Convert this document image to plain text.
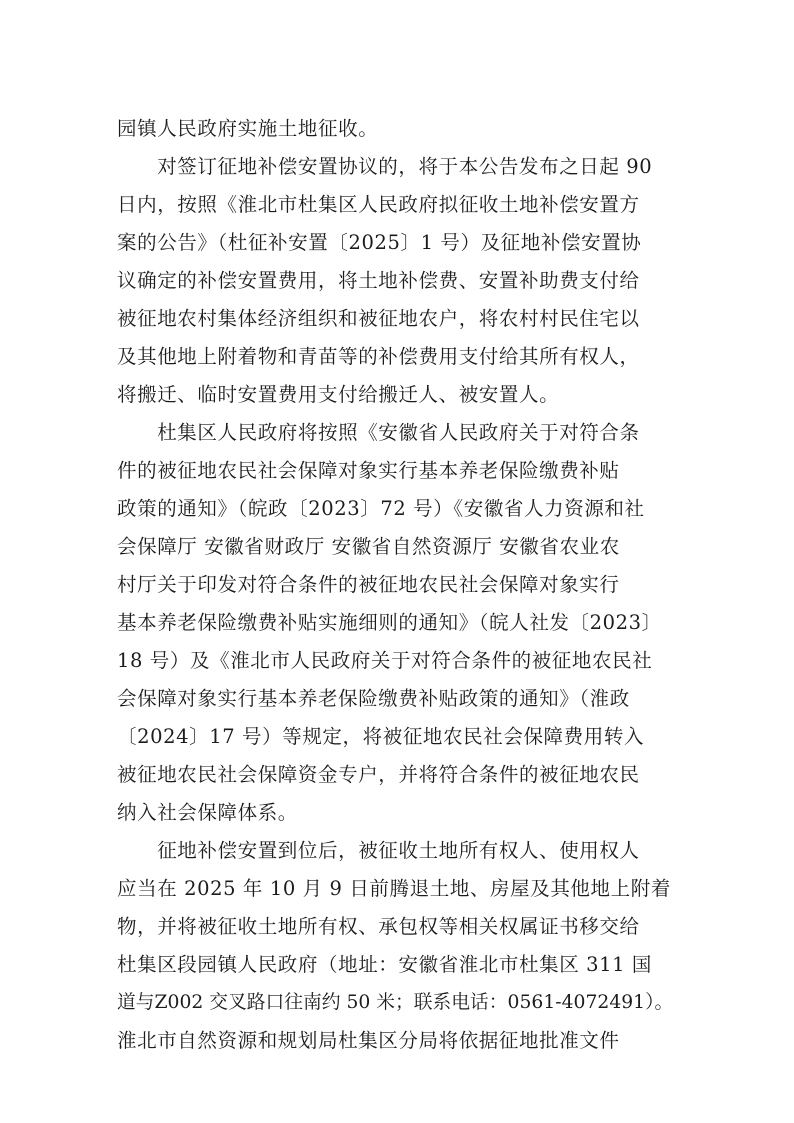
园镇人民政府实施土地征收。
　　对签订征地补偿安置协议的，将于本公告发布之日起 90
日内，按照《淮北市杜集区人民政府拟征收土地补偿安置方
案的公告》（杜征补安置〔2025〕1 号）及征地补偿安置协
议确定的补偿安置费用，将土地补偿费、安置补助费支付给
被征地农村集体经济组织和被征地农户，将农村村民住宅以
及其他地上附着物和青苗等的补偿费用支付给其所有权人，
将搬迁、临时安置费用支付给搬迁人、被安置人。
　　杜集区人民政府将按照《安徽省人民政府关于对符合条
件的被征地农民社会保障对象实行基本养老保险缴费补贴
政策的通知》（皖政〔2023〕72 号）《安徽省人力资源和社
会保障厅 安徽省财政厅 安徽省自然资源厅 安徽省农业农
村厅关于印发对符合条件的被征地农民社会保障对象实行
基本养老保险缴费补贴实施细则的通知》（皖人社发〔2023〕
18 号）及《淮北市人民政府关于对符合条件的被征地农民社
会保障对象实行基本养老保险缴费补贴政策的通知》（淮政
〔2024〕17 号）等规定，将被征地农民社会保障费用转入
被征地农民社会保障资金专户，并将符合条件的被征地农民
纳入社会保障体系。
　　征地补偿安置到位后，被征收土地所有权人、使用权人
应当在 2025 年 10 月 9 日前腾退土地、房屋及其他地上附着
物，并将被征收土地所有权、承包权等相关权属证书移交给
杜集区段园镇人民政府（地址：安徽省淮北市杜集区 311 国
道与Z002 交叉路口往南约 50 米；联系电话：0561-4072491）。
淮北市自然资源和规划局杜集区分局将依据征地批准文件
